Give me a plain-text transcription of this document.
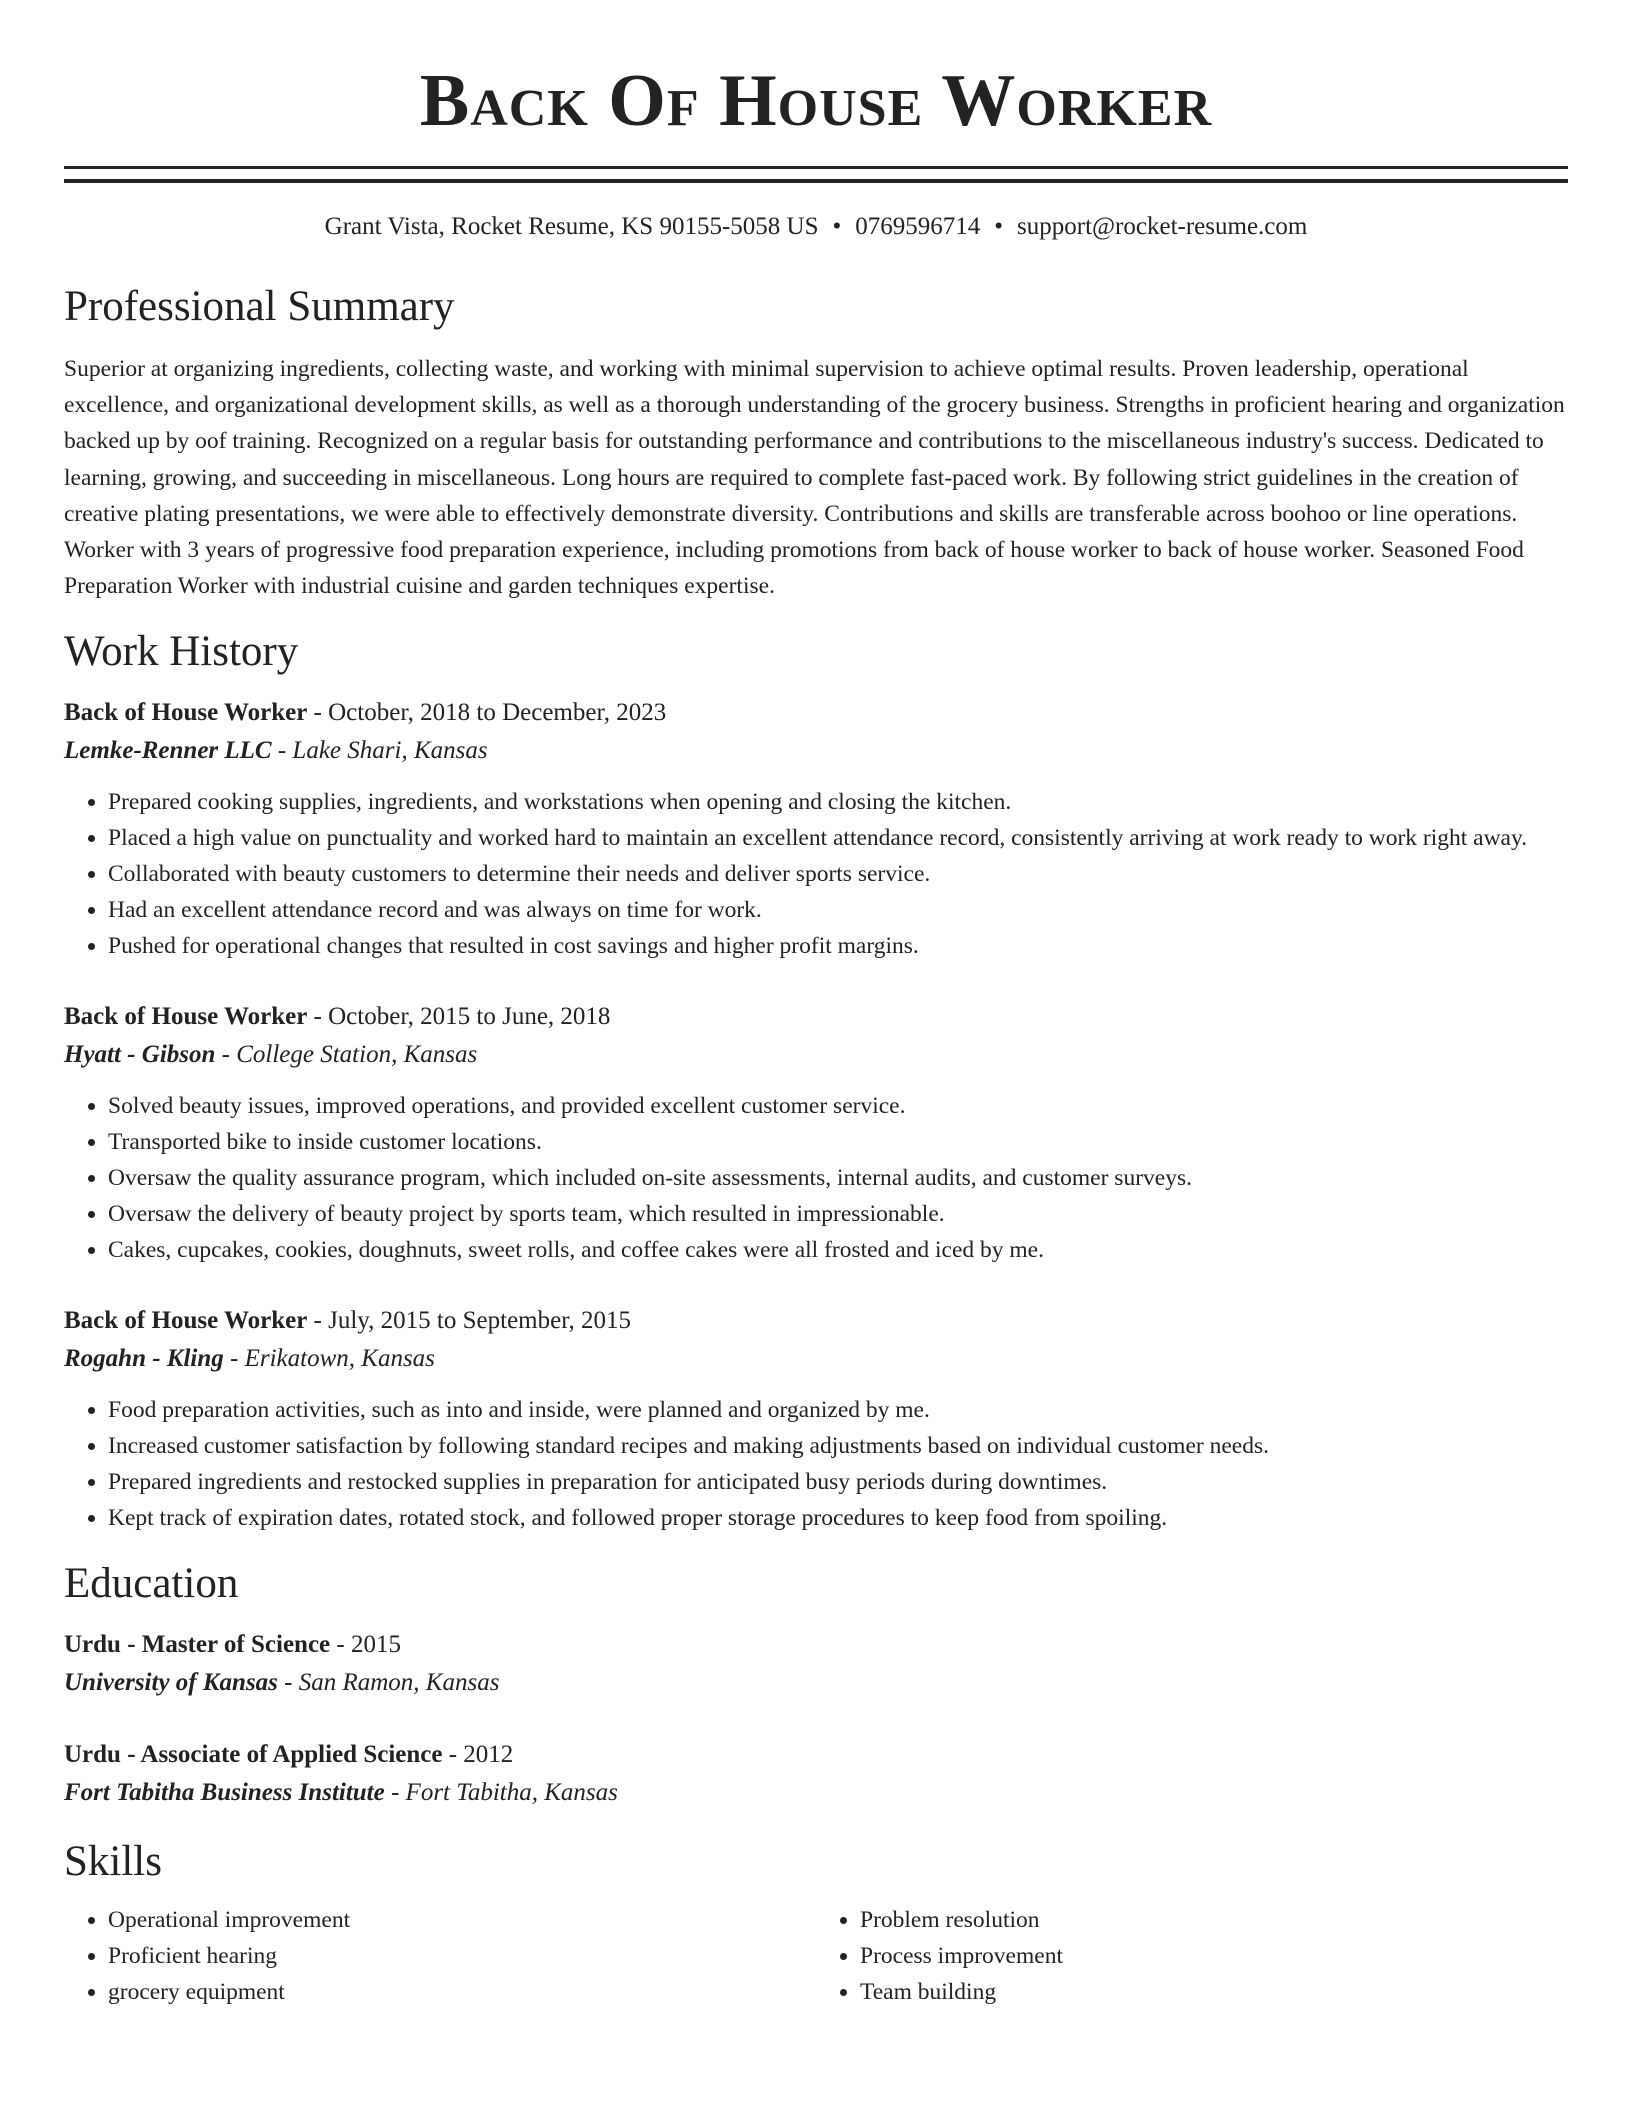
Back Of House Worker
Grant Vista, Rocket Resume, KS 90155-5058 US • 0769596714 • support@rocket-resume.com
Professional Summary

Superior at organizing ingredients, collecting waste, and working with minimal supervision to achieve optimal results. Proven leadership, operational excellence, and organizational development skills, as well as a thorough understanding of the grocery business. Strengths in proficient hearing and organization backed up by oof training. Recognized on a regular basis for outstanding performance and contributions to the miscellaneous industry's success. Dedicated to learning, growing, and succeeding in miscellaneous. Long hours are required to complete fast-paced work. By following strict guidelines in the creation of creative plating presentations, we were able to effectively demonstrate diversity. Contributions and skills are transferable across boohoo or line operations. Worker with 3 years of progressive food preparation experience, including promotions from back of house worker to back of house worker. Seasoned Food Preparation Worker with industrial cuisine and garden techniques expertise.

Work History
Back of House Worker - October, 2018 to December, 2023
Lemke-Renner LLC - Lake Shari, Kansas
• Prepared cooking supplies, ingredients, and workstations when opening and closing the kitchen.
• Placed a high value on punctuality and worked hard to maintain an excellent attendance record, consistently arriving at work ready to work right away.
• Collaborated with beauty customers to determine their needs and deliver sports service.
• Had an excellent attendance record and was always on time for work.
• Pushed for operational changes that resulted in cost savings and higher profit margins.
Back of House Worker - October, 2015 to June, 2018
Hyatt - Gibson - College Station, Kansas
• Solved beauty issues, improved operations, and provided excellent customer service.
• Transported bike to inside customer locations.
• Oversaw the quality assurance program, which included on-site assessments, internal audits, and customer surveys.
• Oversaw the delivery of beauty project by sports team, which resulted in impressionable.
• Cakes, cupcakes, cookies, doughnuts, sweet rolls, and coffee cakes were all frosted and iced by me.
Back of House Worker - July, 2015 to September, 2015
Rogahn - Kling - Erikatown, Kansas
• Food preparation activities, such as into and inside, were planned and organized by me.
• Increased customer satisfaction by following standard recipes and making adjustments based on individual customer needs.
• Prepared ingredients and restocked supplies in preparation for anticipated busy periods during downtimes.
• Kept track of expiration dates, rotated stock, and followed proper storage procedures to keep food from spoiling.
Education
Urdu - Master of Science - 2015
University of Kansas - San Ramon, Kansas
Urdu - Associate of Applied Science - 2012
Fort Tabitha Business Institute - Fort Tabitha, Kansas
Skills
• Operational improvement
• Proficient hearing
• grocery equipment
• Problem resolution
• Process improvement
• Team building
